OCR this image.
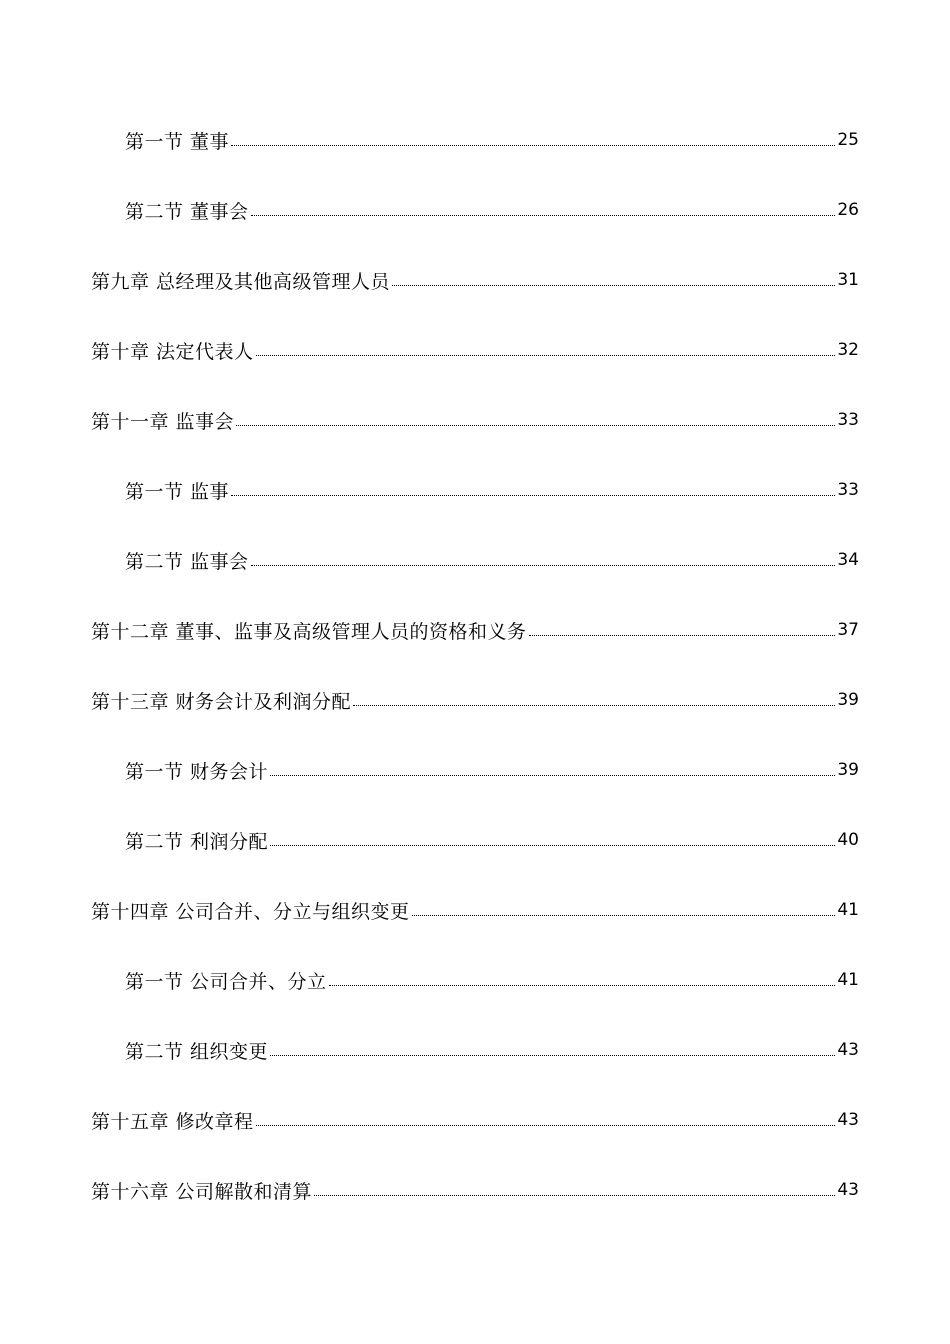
第一节 董事	25
第二节 董事会	26
第九章 总经理及其他高级管理人员	31
第十章 法定代表人	32
第十一章 监事会	33
第一节 监事	33
第二节 监事会	34
第十二章 董事、监事及高级管理人员的资格和义务	37
第十三章 财务会计及利润分配	39
第一节 财务会计	39
第二节 利润分配	40
第十四章 公司合并、分立与组织变更	41
第一节 公司合并、分立	41
第二节 组织变更	43
第十五章 修改章程	43
第十六章 公司解散和清算	43
